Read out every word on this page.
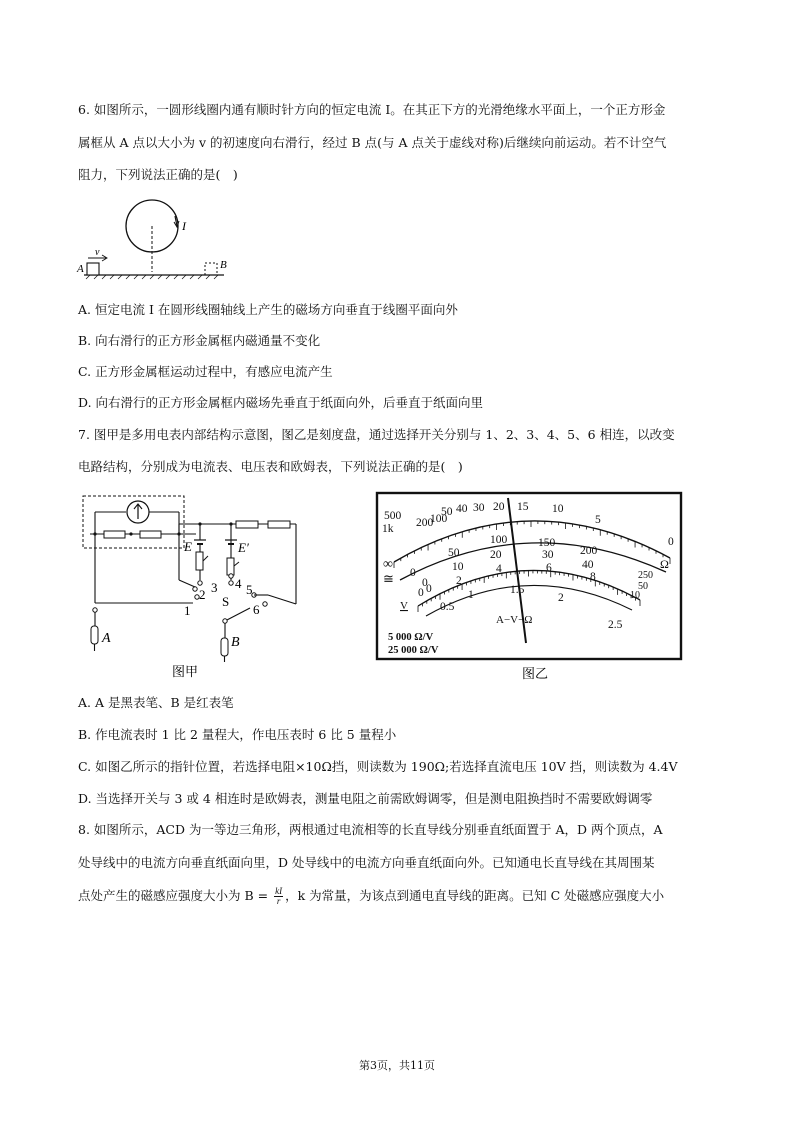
6. 如图所示，一圆形线圈内通有顺时针方向的恒定电流 I。在其正下方的光滑绝缘水平面上，一个正方形金
属框从 A 点以大小为 v 的初速度向右滑行，经过 B 点(与 A 点关于虚线对称)后继续向前运动。若不计空气
阻力，下列说法正确的是(　)
I
A
v
B
A. 恒定电流 I 在圆形线圈轴线上产生的磁场方向垂直于线圈平面向外
B. 向右滑行的正方形金属框内磁通量不变化
C. 正方形金属框运动过程中，有感应电流产生
D. 向右滑行的正方形金属框内磁场先垂直于纸面向外，后垂直于纸面向里
7. 图甲是多用电表内部结构示意图，图乙是刻度盘，通过选择开关分别与 1、2、3、4、5、6 相连，以改变
电路结构，分别成为电流表、电压表和欧姆表，下列说法正确的是(　)
E	E′
2 3 4
1
5
6
S
A	B
图甲
500
1k 200
100
50 40 30 20 15 10
5
0
∞	Ω
≅ 0
50
100	150
200
250
0
10
20	30
40
50
0
2
4	6
8
10
0
0.5
1	1.5
2
2.5
V
A−V−Ω
5 000 Ω/V
25 000 Ω/V
图乙
A. A 是黑表笔、B 是红表笔
B. 作电流表时 1 比 2 量程大，作电压表时 6 比 5 量程小
C. 如图乙所示的指针位置，若选择电阻×10Ω挡，则读数为 190Ω;若选择直流电压 10V 挡，则读数为 4.4V
D. 当选择开关与 3 或 4 相连时是欧姆表，测量电阻之前需欧姆调零，但是测电阻换挡时不需要欧姆调零
8. 如图所示，ACD 为一等边三角形，两根通过电流相等的长直导线分别垂直纸面置于 A，D 两个顶点，A
处导线中的电流方向垂直纸面向里，D 处导线中的电流方向垂直纸面向外。已知通电长直导线在其周围某
点处产生的磁感应强度大小为 $B = \frac{kI}{r}$ ，k 为常量，为该点到通电直导线的距离。已知 C 处磁感应强度大小
第3页，共11页
